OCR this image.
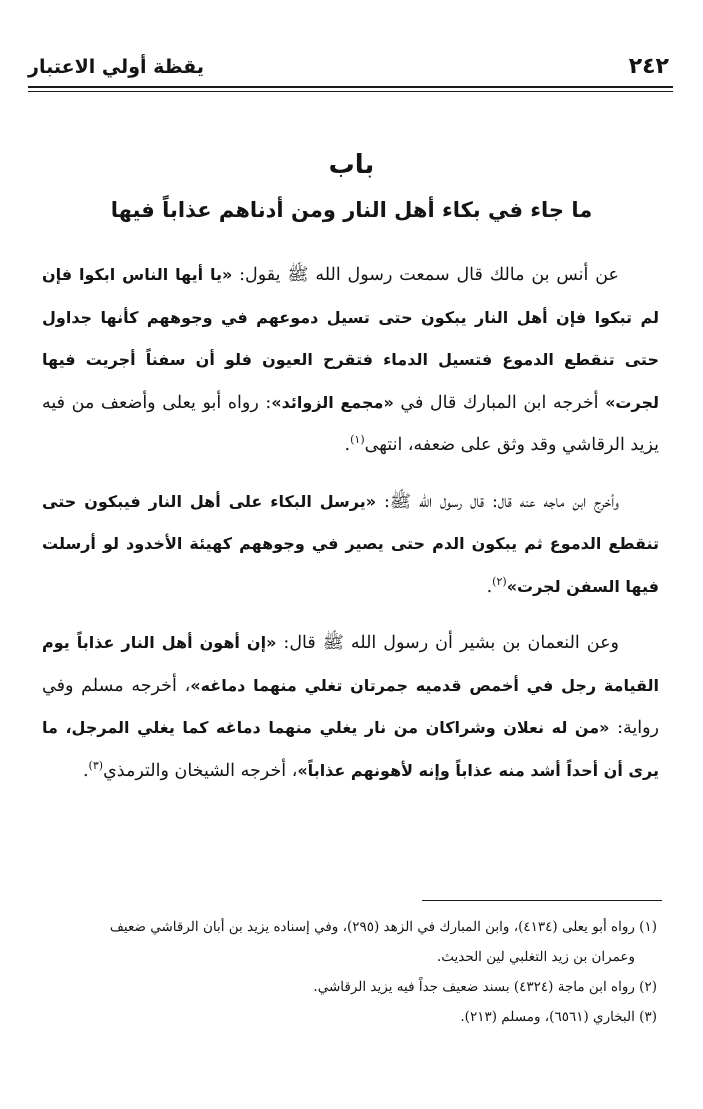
٢٤٢
يقظة أولي الاعتبار
باب
ما جاء في بكاء أهل النار ومن أدناهم عذاباً فيها

عن أنس بن مالك قال سمعت رسول الله ﷺ يقول: «يا أيها الناس ابكوا فإن لم تبكوا فإن أهل النار يبكون حتى تسيل دموعهم في وجوههم كأنها جداول حتى تنقطع الدموع فتسيل الدماء فتقرح العيون فلو أن سفناً أجريت فيها لجرت» أخرجه ابن المبارك قال في «مجمع الزوائد»: رواه أبو يعلى وأضعف من فيه يزيد الرقاشي وقد وثق على ضعفه، انتهى$^{(١)}$.

وأخرج ابن ماجه عنه قال: قال رسول الله ﷺ: «يرسل البكاء على أهل النار فيبكون حتى تنقطع الدموع ثم يبكون الدم حتى يصير في وجوههم كهيئة الأخدود لو أرسلت فيها السفن لجرت»$^{(٢)}$.

وعن النعمان بن بشير أن رسول الله ﷺ قال: «إن أهون أهل النار عذاباً يوم القيامة رجل في أخمص قدميه جمرتان تغلي منهما دماغه»، أخرجه مسلم وفي رواية: «من له نعلان وشراكان من نار يغلي منهما دماغه كما يغلي المرجل، ما يرى أن أحداً أشد منه عذاباً وإنه لأهونهم عذاباً»، أخرجه الشيخان والترمذي$^{(٣)}$.

(١) رواه أبو يعلى (٤١٣٤)، وابن المبارك في الزهد (٢٩٥)، وفي إسناده يزيد بن أبان الرقاشي ضعيف

وعمران بن زيد التغلبي لين الحديث.

(٢) رواه ابن ماجة (٤٣٢٤) بسند ضعيف جداً فيه يزيد الرقاشي.

(٣) البخاري (٦٥٦١)، ومسلم (٢١٣).
